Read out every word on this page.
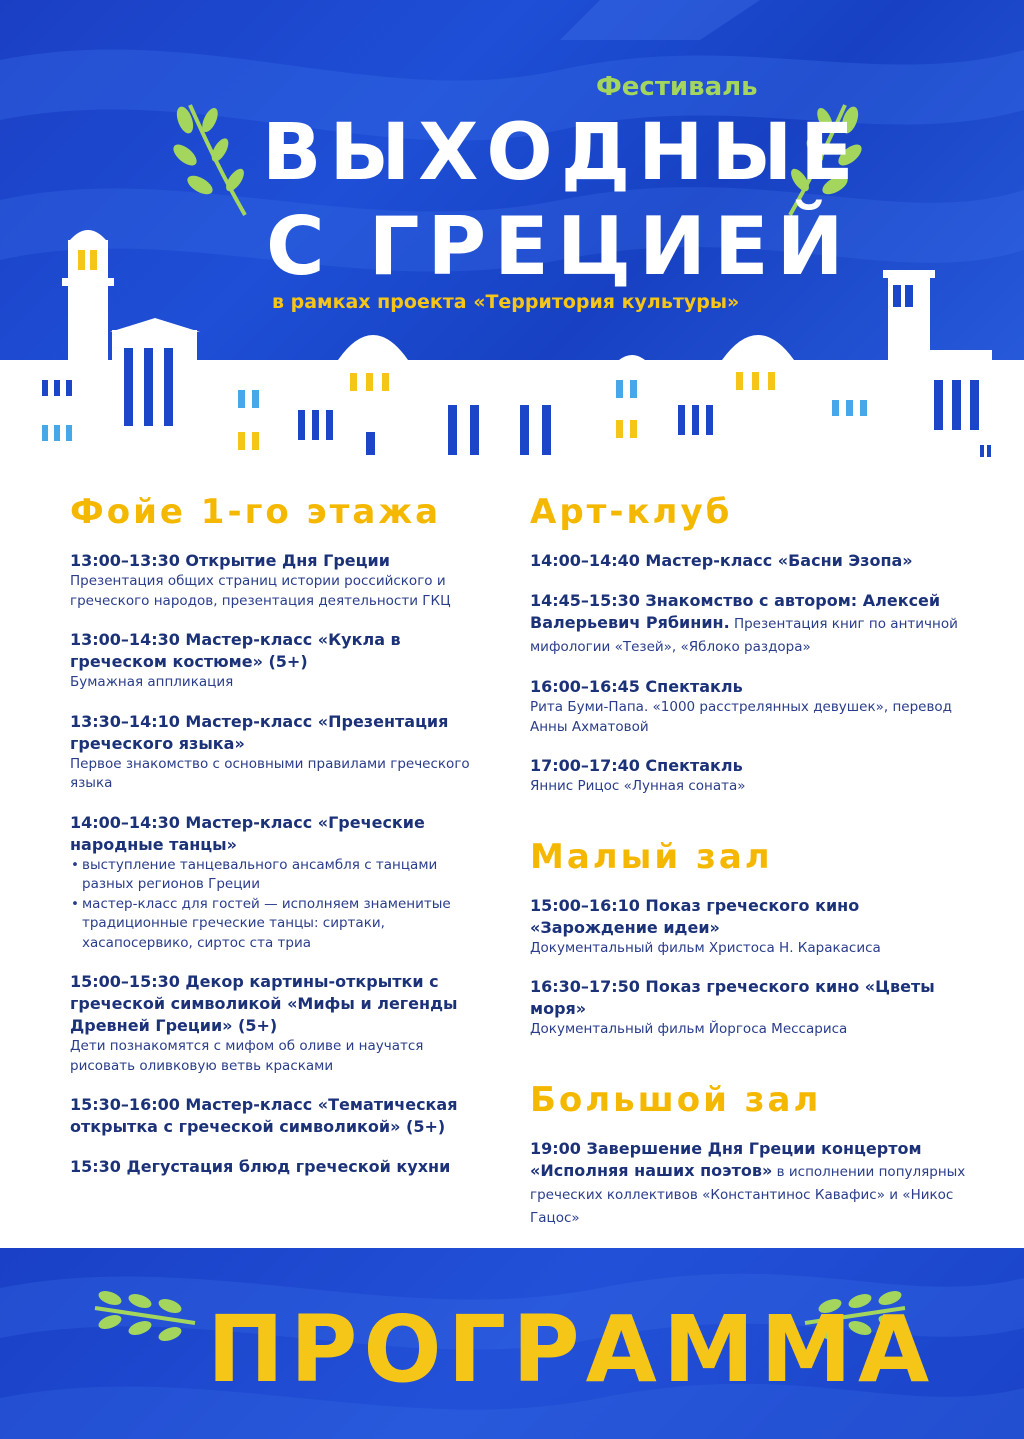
Фестиваль
ВЫХОДНЫЕ
С ГРЕЦИЕЙ
в рамках проекта «Территория культуры»
Фойе 1-го этажа

13:00–13:30 Открытие Дня Греции

Презентация общих страниц истории российского и греческого народов, презентация деятельности ГКЦ

13:00–14:30 Мастер-класс «Кукла в греческом костюме» (5+)

Бумажная аппликация

13:30–14:10 Мастер-класс «Презентация греческого языка»

Первое знакомство с основными правилами греческого языка

14:00–14:30 Мастер-класс «Греческие народные танцы»

• выступление танцевального ансамбля с танцами разных регионов Греции
• мастер-класс для гостей — исполняем знаменитые традиционные греческие танцы: сиртаки, хасапосервико, сиртос ста триа

15:00–15:30 Декор картины-открытки с греческой символикой «Мифы и легенды Древней Греции» (5+)

Дети познакомятся с мифом об оливе и научатся рисовать оливковую ветвь красками

15:30–16:00 Мастер-класс «Тематическая открытка с греческой символикой» (5+)

15:30 Дегустация блюд греческой кухни

Арт-клуб

14:00–14:40 Мастер-класс «Басни Эзопа»

14:45–15:30 Знакомство с автором: Алексей Валерьевич Рябинин. Презентация книг по античной мифологии «Тезей», «Яблоко раздора»

16:00–16:45 Спектакль

Рита Буми-Папа. «1000 расстрелянных девушек», перевод Анны Ахматовой

17:00–17:40 Спектакль

Яннис Рицос «Лунная соната»

Малый зал

15:00–16:10 Показ греческого кино «Зарождение идеи»

Документальный фильм Христоса Н. Каракасиса

16:30–17:50 Показ греческого кино «Цветы моря»

Документальный фильм Йоргоса Мессариса

Большой зал

19:00 Завершение Дня Греции концертом «Исполняя наших поэтов» в исполнении популярных греческих коллективов «Константинос Кавафис» и «Никос Гацос»

ПРОГРАММА
